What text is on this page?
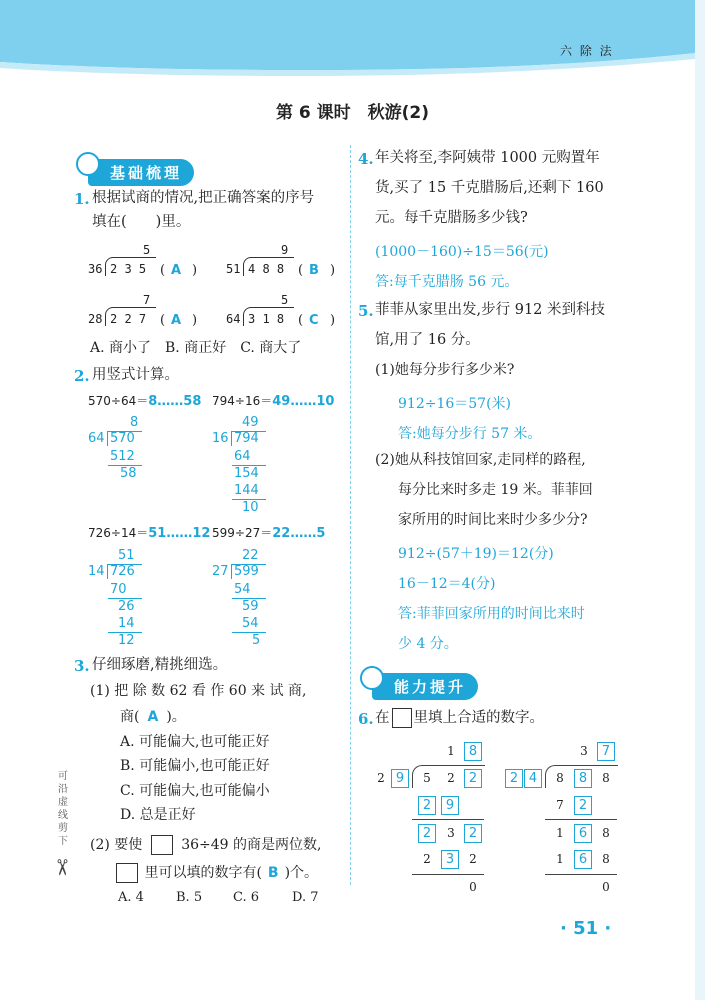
六 除 法
第 6 课时　秋游(2)
基础梳理
1. 根据试商的情况,把正确答案的序号
填在(　　)里。
5
36 2 3 5 ( A )
9
51 4 8 8 ( B )
7
28 2 2 7 ( A )
5
64 3 1 8 ( C )
A. 商小了　B. 商正好　C. 商大了
2. 用竖式计算。
570÷64＝8……58 794÷16＝49……10
8
64 570
512
58
49
16 794
64
154
144
10
726÷14＝51……12 599÷27＝22……5
51
14 726
70
26
14
12
22
27 599
54
59
54
5
3. 仔细琢磨,精挑细选。
(1) 把 除 数 62 看 作 60 来 试 商,
商( A )。
A. 可能偏大,也可能正好
B. 可能偏小,也可能正好
C. 可能偏大,也可能偏小
D. 总是正好
(2) 要使	36÷49 的商是两位数,
里可以填的数字有( B )个。
A. 4 B. 5 C. 6	D. 7
可沿虚线剪下
✂
4. 年关将至,李阿姨带 1000 元购置年
货,买了 15 千克腊肠后,还剩下 160
元。每千克腊肠多少钱?
(1000－160)÷15＝56(元)
答:每千克腊肠 56 元。
5. 菲菲从家里出发,步行 912 米到科技
馆,用了 16 分。
(1)她每分步行多少米?
912÷16＝57(米)
答:她每分步行 57 米。
(2)她从科技馆回家,走同样的路程,
每分比来时多走 19 米。菲菲回
家所用的时间比来时少多少分?
912÷(57＋19)＝12(分)
16－12＝4(分)
答:菲菲回家所用的时间比来时
少 4 分。
能力提升
6. 在 里填上合适的数字。
1	8
2 9	5	2	2
2	9
2	3	2
2	3	2
0
3	7
2 4	8	8	8
7	2
1	6	8
1	6	8
0
· 51 ·
